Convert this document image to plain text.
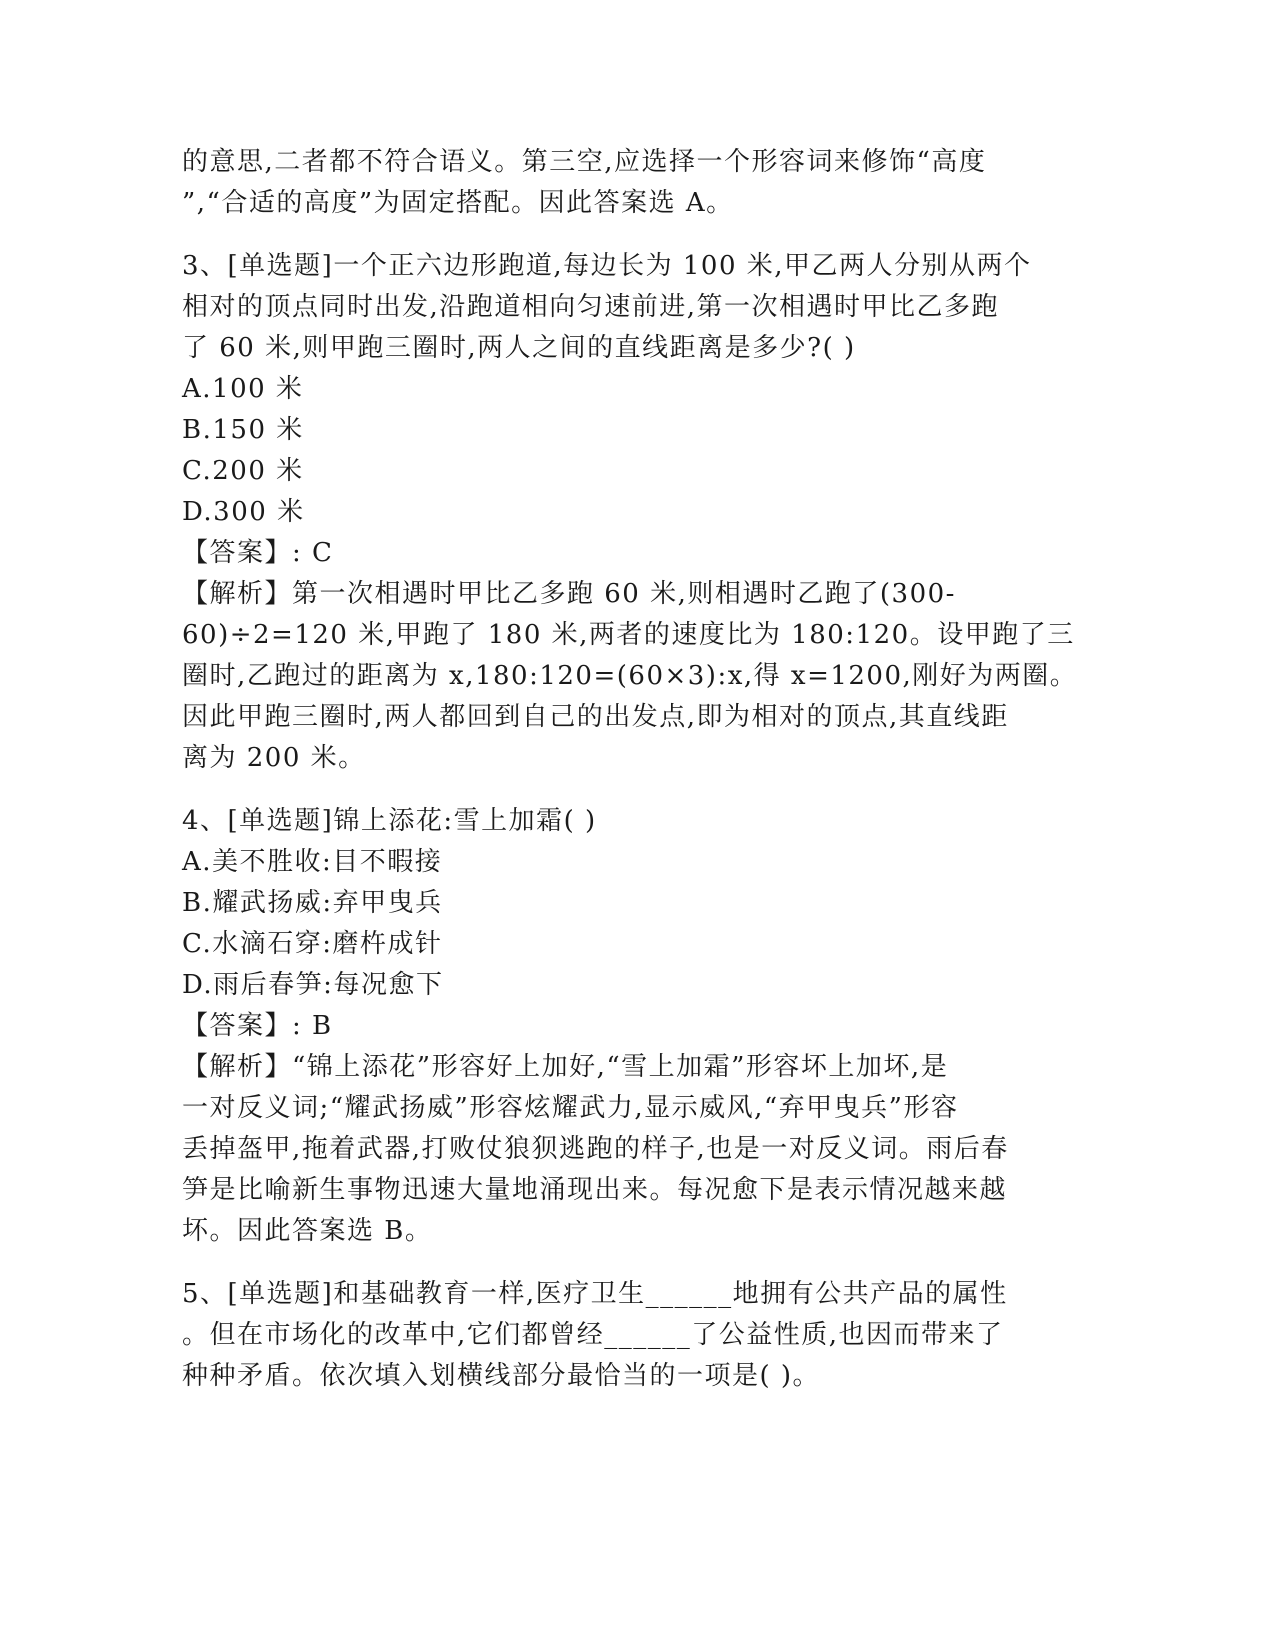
的意思,二者都不符合语义。第三空,应选择一个形容词来修饰“高度

”,“合适的高度”为固定搭配。因此答案选 A。

3、[单选题]一个正六边形跑道,每边长为 100 米,甲乙两人分别从两个

相对的顶点同时出发,沿跑道相向匀速前进,第一次相遇时甲比乙多跑

了 60 米,则甲跑三圈时,两人之间的直线距离是多少?( )

A.100 米

B.150 米

C.200 米

D.300 米

【答案】: C

【解析】第一次相遇时甲比乙多跑 60 米,则相遇时乙跑了(300-

60)÷2=120 米,甲跑了 180 米,两者的速度比为 180:120。设甲跑了三

圈时,乙跑过的距离为 x,180:120=(60×3):x,得 x=1200,刚好为两圈。

因此甲跑三圈时,两人都回到自己的出发点,即为相对的顶点,其直线距

离为 200 米。

4、[单选题]锦上添花:雪上加霜( )

A.美不胜收:目不暇接

B.耀武扬威:弃甲曳兵

C.水滴石穿:磨杵成针

D.雨后春笋:每况愈下

【答案】: B

【解析】“锦上添花”形容好上加好,“雪上加霜”形容坏上加坏,是

一对反义词;“耀武扬威”形容炫耀武力,显示威风,“弃甲曳兵”形容

丢掉盔甲,拖着武器,打败仗狼狈逃跑的样子,也是一对反义词。雨后春

笋是比喻新生事物迅速大量地涌现出来。每况愈下是表示情况越来越

坏。因此答案选 B。

5、[单选题]和基础教育一样,医疗卫生______地拥有公共产品的属性

。但在市场化的改革中,它们都曾经______了公益性质,也因而带来了

种种矛盾。依次填入划横线部分最恰当的一项是( )。
